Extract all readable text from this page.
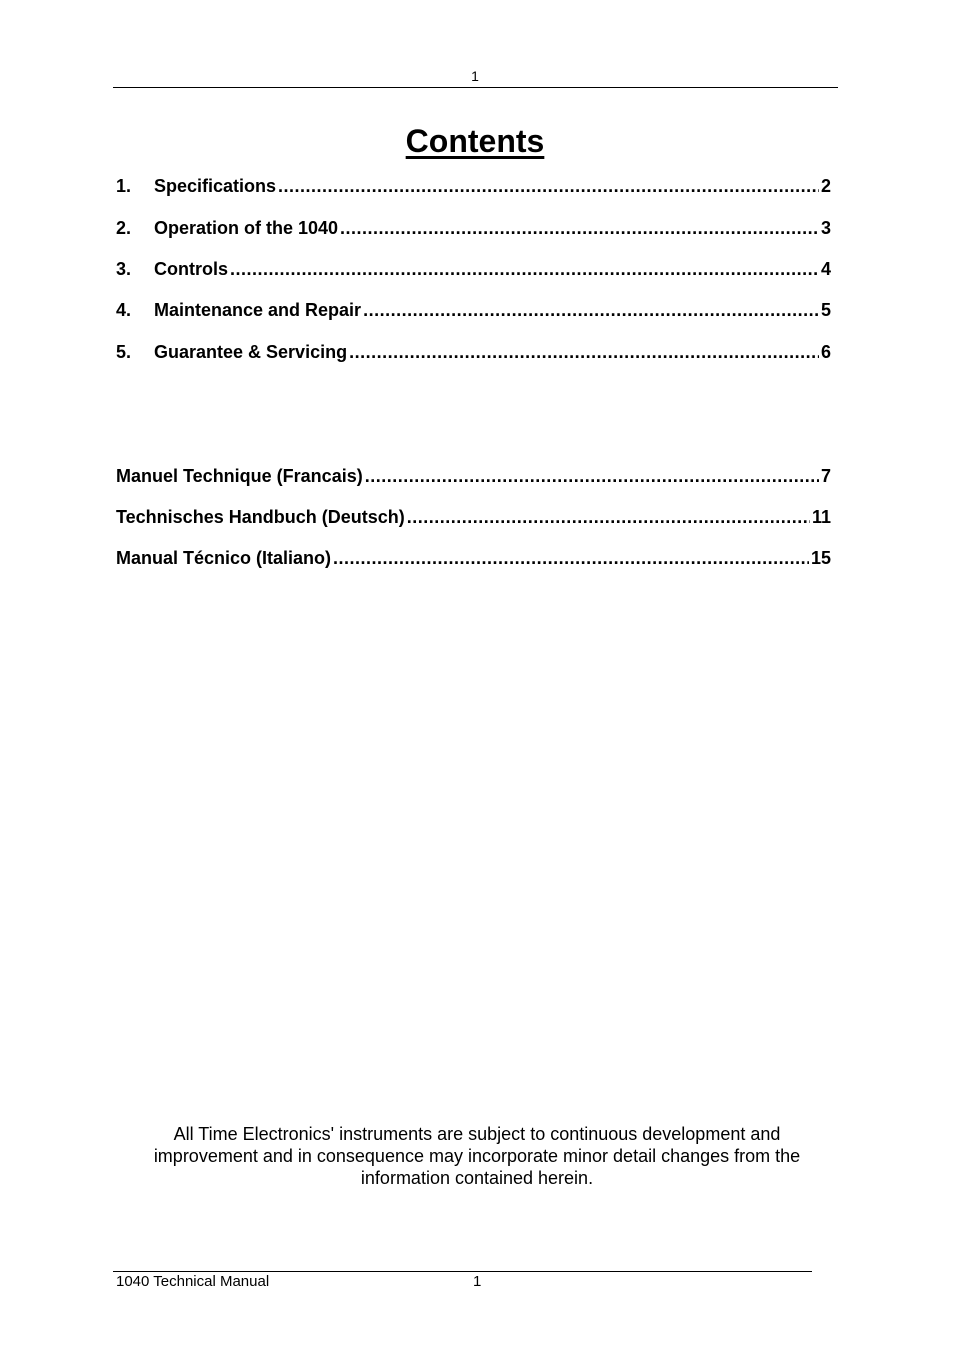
1
Contents
1.	Specifications .....	2
2.	Operation of the 1040 .....	3
3.	Controls .....	4
4.	Maintenance and Repair .....	5
5.	Guarantee & Servicing .....	6
Manuel Technique (Francais) .....	7
Technisches Handbuch (Deutsch) .....	11
Manual Técnico (Italiano) .....	15
All Time Electronics' instruments are subject to continuous development and
improvement and in consequence may incorporate minor detail changes from the
information contained herein.
1040 Technical Manual	1
